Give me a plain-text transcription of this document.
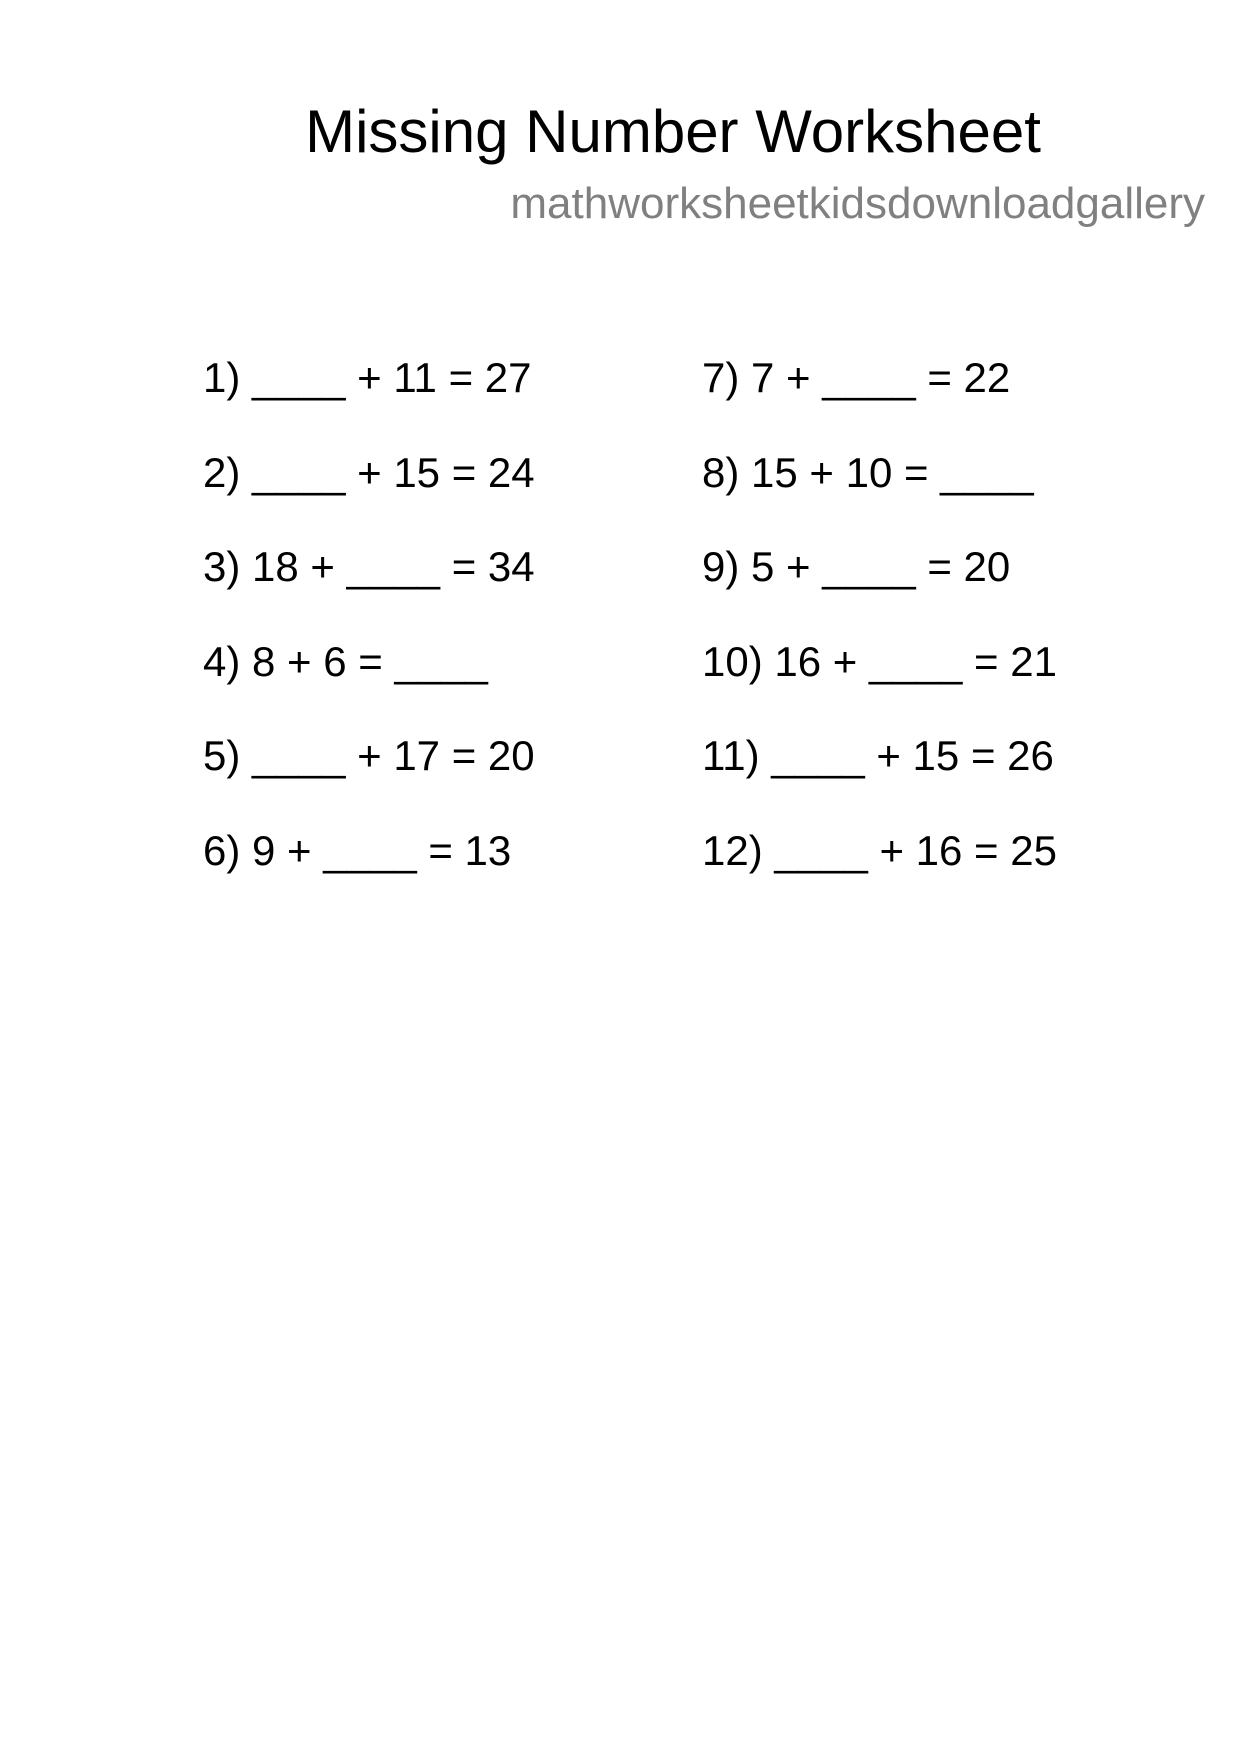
Missing Number Worksheet
mathworksheetkidsdownloadgallery
1) ____ + 11 = 27
2) ____ + 15 = 24
3) 18 + ____ = 34
4) 8 + 6 = ____
5) ____ + 17 = 20
6) 9 + ____ = 13
7) 7 + ____ = 22
8) 15 + 10 = ____
9) 5 + ____ = 20
10) 16 + ____ = 21
11) ____ + 15 = 26
12) ____ + 16 = 25
